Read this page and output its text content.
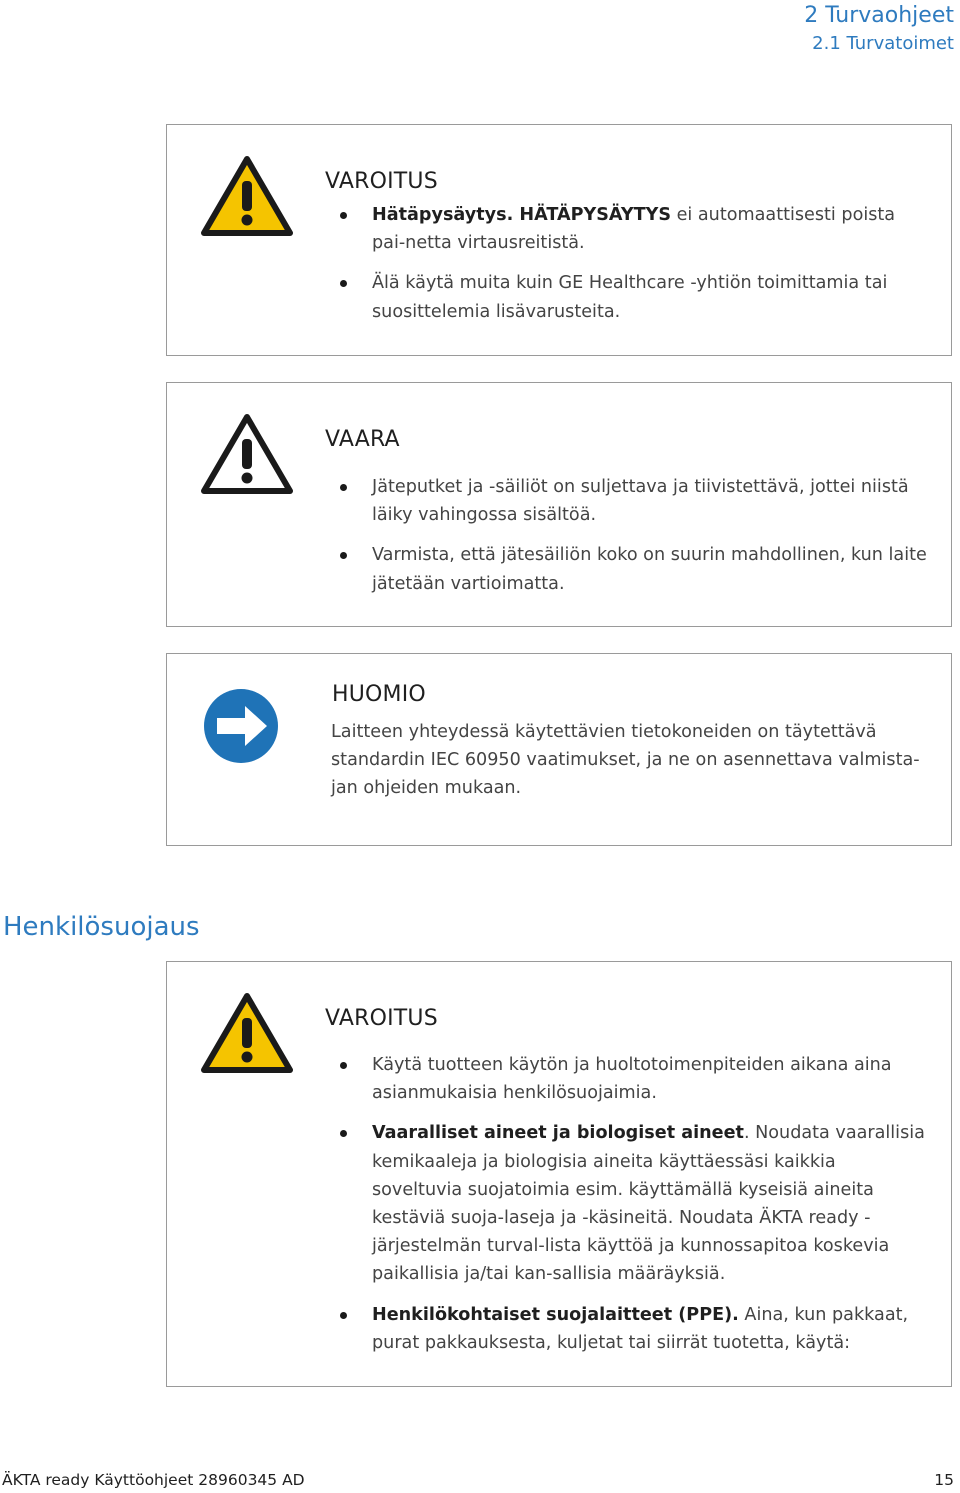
2 Turvaohjeet
2.1 Turvatoimet
VAROITUS
Hätäpysäytys. HÄTÄPYSÄYTYS ei automaattisesti poista pai-netta virtausreitistä.
Älä käytä muita kuin GE Healthcare -yhtiön toimittamia tai suosittelemia lisävarusteita.
VAARA
Jäteputket ja -säiliöt on suljettava ja tiivistettävä, jottei niistä läiky vahingossa sisältöä.
Varmista, että jätesäiliön koko on suurin mahdollinen, kun laite jätetään vartioimatta.
HUOMIO

Laitteen yhteydessä käytettävien tietokoneiden on täytettävä standardin IEC 60950 vaatimukset, ja ne on asennettava valmista-jan ohjeiden mukaan.

Henkilösuojaus
VAROITUS
Käytä tuotteen käytön ja huoltotoimenpiteiden aikana aina asianmukaisia henkilösuojaimia.
Vaaralliset aineet ja biologiset aineet. Noudata vaarallisia kemikaaleja ja biologisia aineita käyttäessäsi kaikkia soveltuvia suojatoimia esim. käyttämällä kyseisiä aineita kestäviä suoja-laseja ja -käsineitä. Noudata ÄKTA ready -järjestelmän turval-lista käyttöä ja kunnossapitoa koskevia paikallisia ja/tai kan-sallisia määräyksiä.
Henkilökohtaiset suojalaitteet (PPE). Aina, kun pakkaat, purat pakkauksesta, kuljetat tai siirrät tuotetta, käytä:
ÄKTA ready Käyttöohjeet 28960345 AD	15
